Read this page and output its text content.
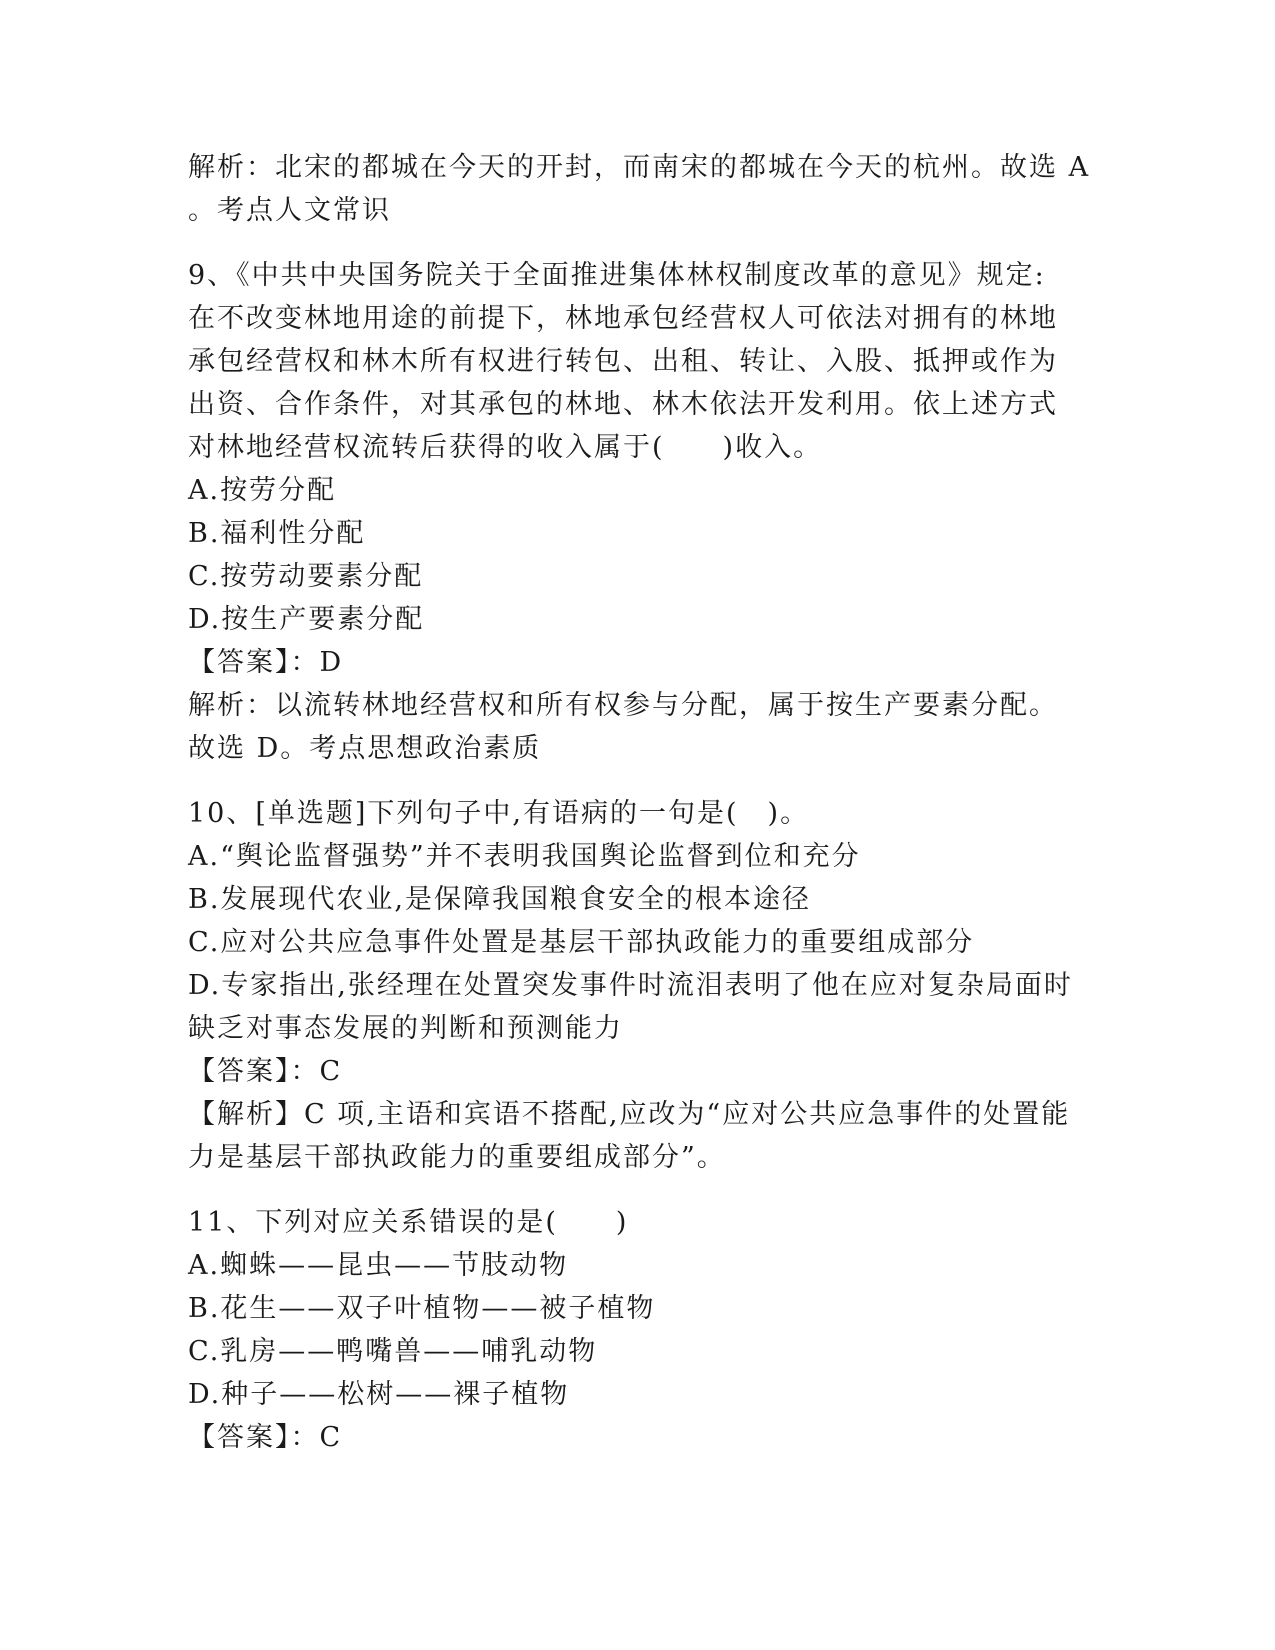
解析：北宋的都城在今天的开封，而南宋的都城在今天的杭州。故选 A
。考点人文常识
9、《中共中央国务院关于全面推进集体林权制度改革的意见》规定:
在不改变林地用途的前提下，林地承包经营权人可依法对拥有的林地
承包经营权和林木所有权进行转包、出租、转让、入股、抵押或作为
出资、合作条件，对其承包的林地、林木依法开发利用。依上述方式
对林地经营权流转后获得的收入属于(　　)收入。
A.按劳分配
B.福利性分配
C.按劳动要素分配
D.按生产要素分配
【答案】：D
解析：以流转林地经营权和所有权参与分配，属于按生产要素分配。
故选 D。考点思想政治素质
10、[单选题]下列句子中,有语病的一句是(　)。
A.“舆论监督强势”并不表明我国舆论监督到位和充分
B.发展现代农业,是保障我国粮食安全的根本途径
C.应对公共应急事件处置是基层干部执政能力的重要组成部分
D.专家指出,张经理在处置突发事件时流泪表明了他在应对复杂局面时
缺乏对事态发展的判断和预测能力
【答案】：C
【解析】C 项,主语和宾语不搭配,应改为“应对公共应急事件的处置能
力是基层干部执政能力的重要组成部分”。
11、下列对应关系错误的是(　　)
A.蜘蛛——昆虫——节肢动物
B.花生——双子叶植物——被子植物
C.乳房——鸭嘴兽——哺乳动物
D.种子——松树——裸子植物
【答案】：C
